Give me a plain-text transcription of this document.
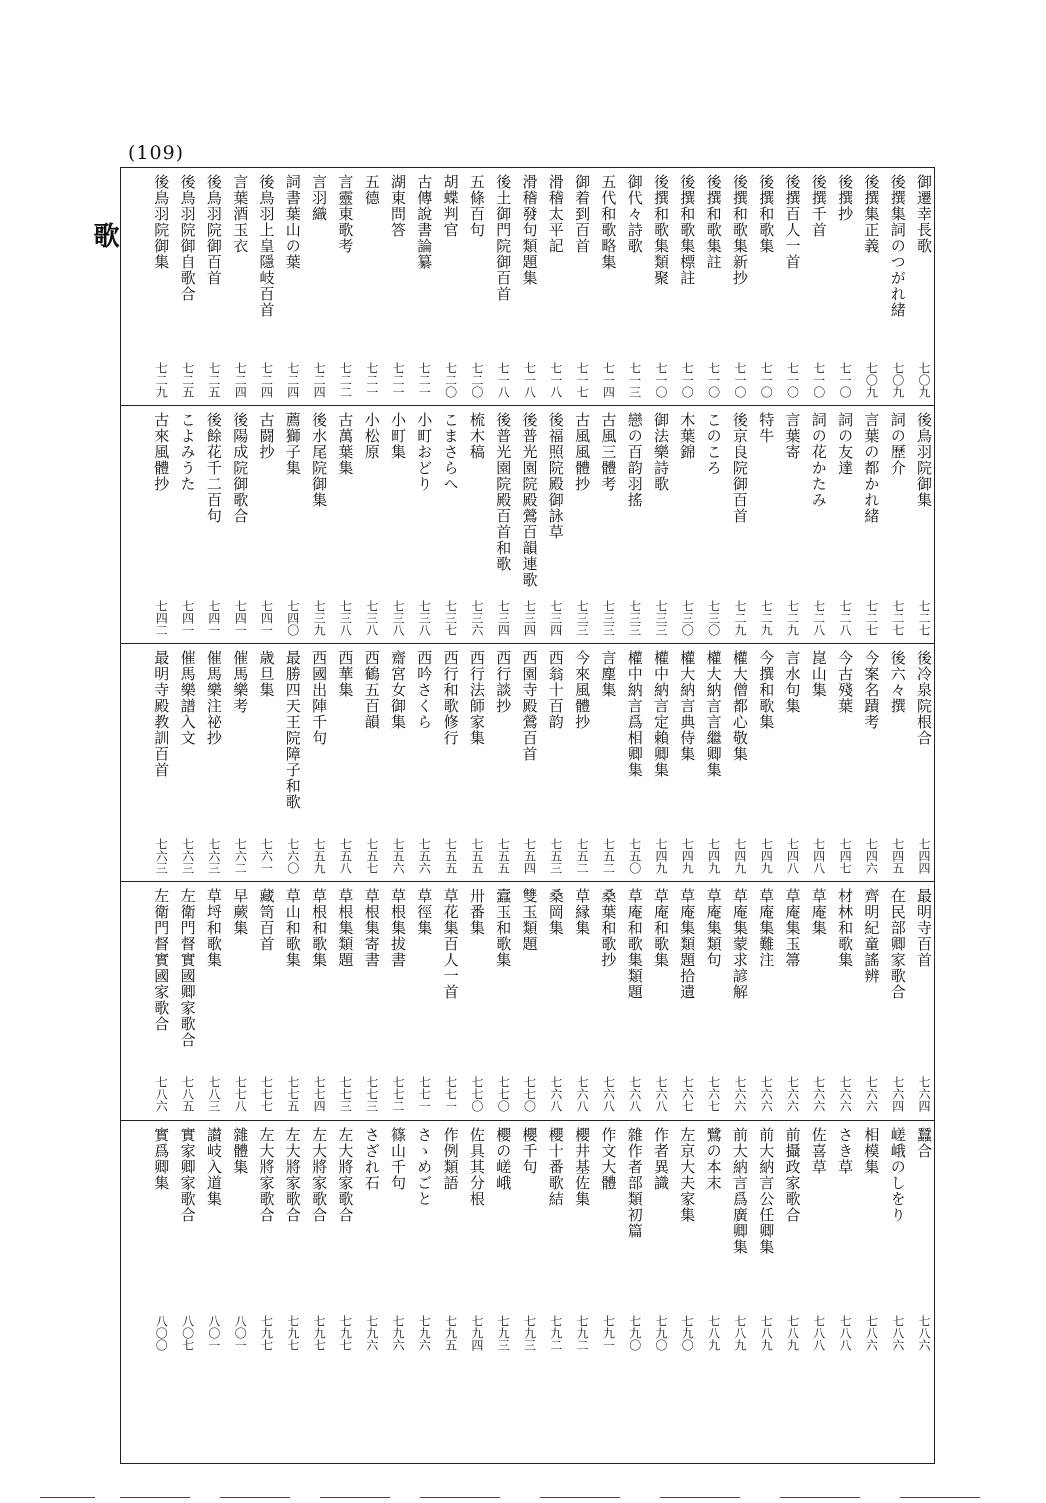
(109)
歌	御遷幸長歌
七〇九
後撰集詞のつがれ緒
七〇九
後撰集正義
七〇九
後撰抄
七一〇
後撰千首
七一〇
後撰百人一首
七一〇
後撰和歌集
七一〇
後撰和歌集新抄
七一〇
後撰和歌集註
七一〇
後撰和歌集標註
七一〇
後撰和歌集類聚
七一〇
御代々詩歌
七一三
五代和歌略集
七一四
御着到百首
七一七
滑稽太平記
七一八
滑稽發句類題集
七一八
後土御門院御百首
七一八
五條百句
七二〇
胡蝶判官
七二〇
古傳說書論纂
七二一
湖東問答
七二一
五德
七二一
言靈東歌考
七二二
言羽織
七二四
詞書葉山の葉
七二四
後鳥羽上皇隱岐百首
七二四
言葉酒玉衣
七二四
後鳥羽院御百首
七二五
後鳥羽院御自歌合
七二五
後鳥羽院御集
七二九
後鳥羽院御集
七二七
詞の歷介
七二七
言葉の都かれ緒
七二七
詞の友達
七二八
詞の花かたみ
七二八
言葉寄
七二九
特牛
七二九
後京良院御百首
七二九
このころ
七三〇
木葉錦
七三〇
御法樂詩歌
七三三
戀の百韵羽搖
七三三
古風三體考
七三三
古風風體抄
七三三
後福照院殿御詠草
七三四
後普光園院殿鶯百韻連歌
七三四
後普光園院殿百首和歌
七三四
梳木稿
七三六
こまさらへ
七三七
小町おどり
七三八
小町集
七三八
小松原
七三八
古萬葉集
七三八
後水尾院御集
七三九
薦獅子集
七四〇
古闘抄
七四一
後陽成院御歌合
七四一
後餘花千二百句
七四一
こよみうた
七四一
古來風體抄
七四二
後冷泉院根合
七四四
後六々撰
七四五
今案名蹟考
七四六
今古殘葉
七四七
崑山集
七四八
言水句集
七四八
今撰和歌集
七四九
權大僧都心敬集
七四九
權大納言言繼卿集
七四九
權大納言典侍集
七四九
權中納言定賴卿集
七四九
權中納言爲相卿集
七五〇
言塵集
七五二
今來風體抄
七五二
西翁十百韵
七五三
西園寺殿鶯百首
七五四
西行談抄
七五五
西行法師家集
七五五
西行和歌修行
七五五
西吟さくら
七五六
齋宮女御集
七五六
西鶴五百韻
七五七
西華集
七五八
西國出陣千句
七五九
最勝四天王院障子和歌
七六〇
歳旦集
七六一
催馬樂考
七六二
催馬樂注祕抄
七六三
催馬樂譜入文
七六三
最明寺殿教訓百首
七六三
最明寺百首
七六四
在民部卿家歌合
七六四
齊明紀童謠辨
七六六
材林和歌集
七六六
草庵集
七六六
草庵集玉箒
七六六
草庵集難注
七六六
草庵集蒙求諺解
七六六
草庵集類句
七六七
草庵集類題拾遺
七六七
草庵和歌集
七六八
草庵和歌集類題
七六八
桑葉和歌抄
七六八
草縁集
七六八
桑岡集
七六八
雙玉類題
七七〇
蠧玉和歌集
七七〇
卅番集
七七〇
草花集百人一首
七七一
草徑集
七七一
草根集拔書
七七二
草根集寄書
七七三
草根集類題
七七三
草根和歌集
七七四
草山和歌集
七七五
藏笥百首
七七七
早蕨集
七七八
草埒和歌集
七八三
左衛門督實國卿家歌合
七八五
左衛門督實國家歌合
七八六
蠶合
七八六
嵯峨のしをり
七八六
相模集
七八六
さき草
七八八
佐喜草
七八八
前攝政家歌合
七八九
前大納言公任卿集
七八九
前大納言爲廣卿集
七八九
鷺の本末
七八九
左京大夫家集
七九〇
作者異識
七九〇
雜作者部類初篇
七九〇
作文大體
七九一
櫻井基佐集
七九二
櫻十番歌結
七九二
櫻千句
七九三
櫻の嵯峨
七九三
佐具其分根
七九四
作例類語
七九五
さゝめごと
七九六
篠山千句
七九六
さざれ石
七九六
左大將家歌合
七九七
左大將家歌合
七九七
左大將家歌合
七九七
左大將家歌合
七九七
雜體集
八〇一
讃岐入道集
八〇一
實家卿家歌合
八〇七
實爲卿集
八〇〇
